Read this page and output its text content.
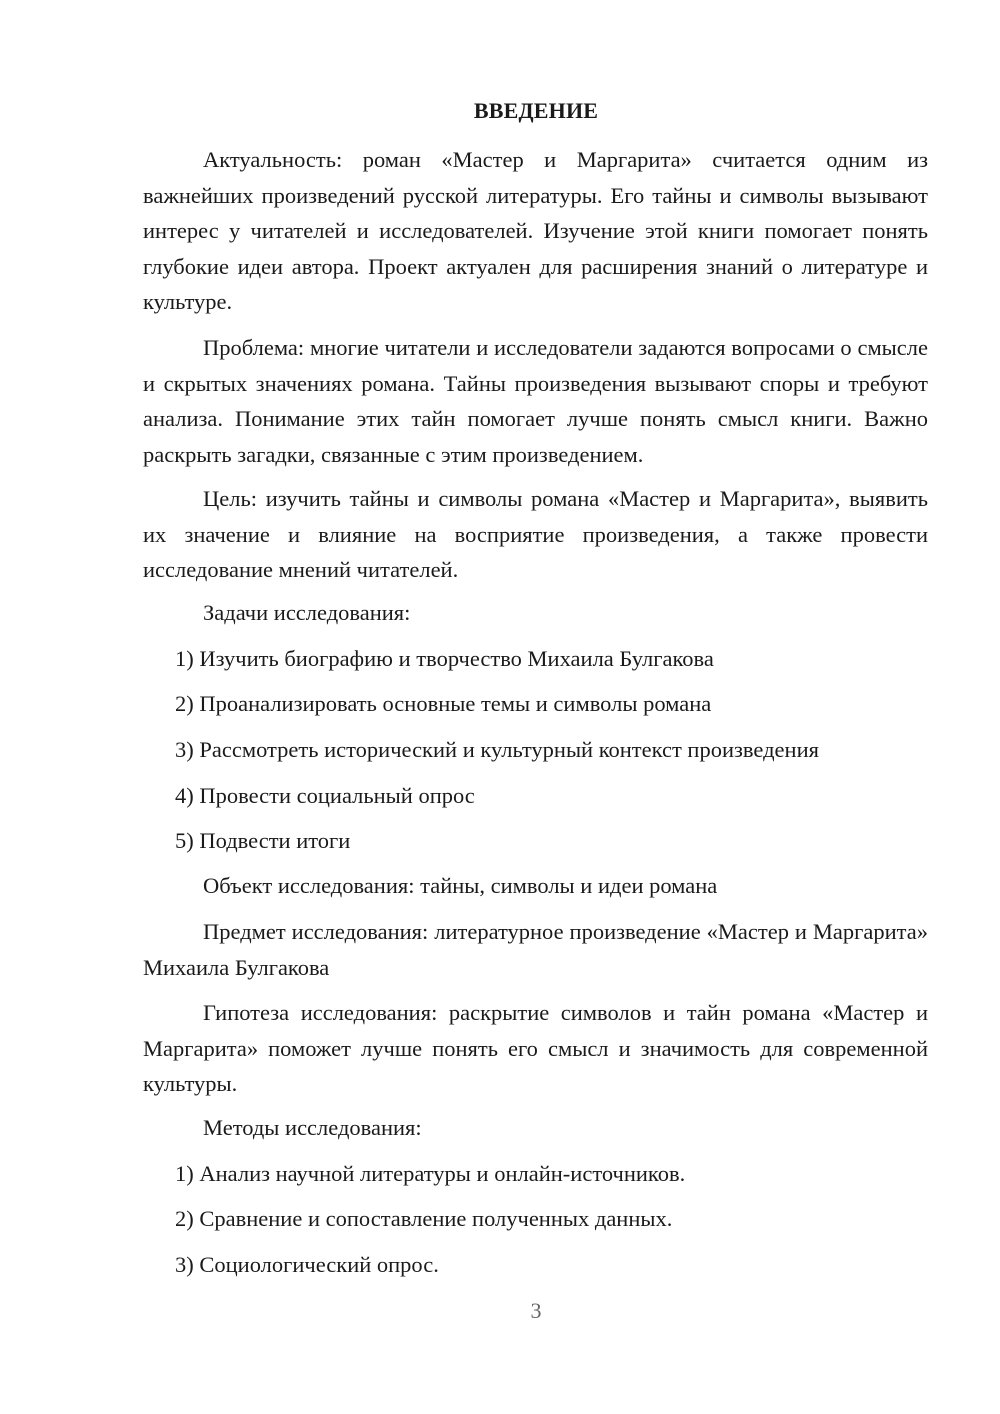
ВВЕДЕНИЕ

Актуальность: роман «Мастер и Маргарита» считается одним из важнейших произведений русской литературы. Его тайны и символы вызывают интерес у читателей и исследователей. Изучение этой книги помогает понять глубокие идеи автора. Проект актуален для расширения знаний о литературе и культуре.

Проблема: многие читатели и исследователи задаются вопросами о смысле и скрытых значениях романа. Тайны произведения вызывают споры и требуют анализа. Понимание этих тайн помогает лучше понять смысл книги. Важно раскрыть загадки, связанные с этим произведением.

Цель: изучить тайны и символы романа «Мастер и Маргарита», выявить их значение и влияние на восприятие произведения, а также провести исследование мнений читателей.

Задачи исследования:

1) Изучить биографию и творчество Михаила Булгакова

2) Проанализировать основные темы и символы романа

3) Рассмотреть исторический и культурный контекст произведения

4) Провести социальный опрос

5) Подвести итоги

Объект исследования: тайны, символы и идеи романа

Предмет исследования: литературное произведение «Мастер и Маргарита» Михаила Булгакова

Гипотеза исследования: раскрытие символов и тайн романа «Мастер и Маргарита» поможет лучше понять его смысл и значимость для современной культуры.

Методы исследования:

1) Анализ научной литературы и онлайн-источников.

2) Сравнение и сопоставление полученных данных.

3) Социологический опрос.

3
